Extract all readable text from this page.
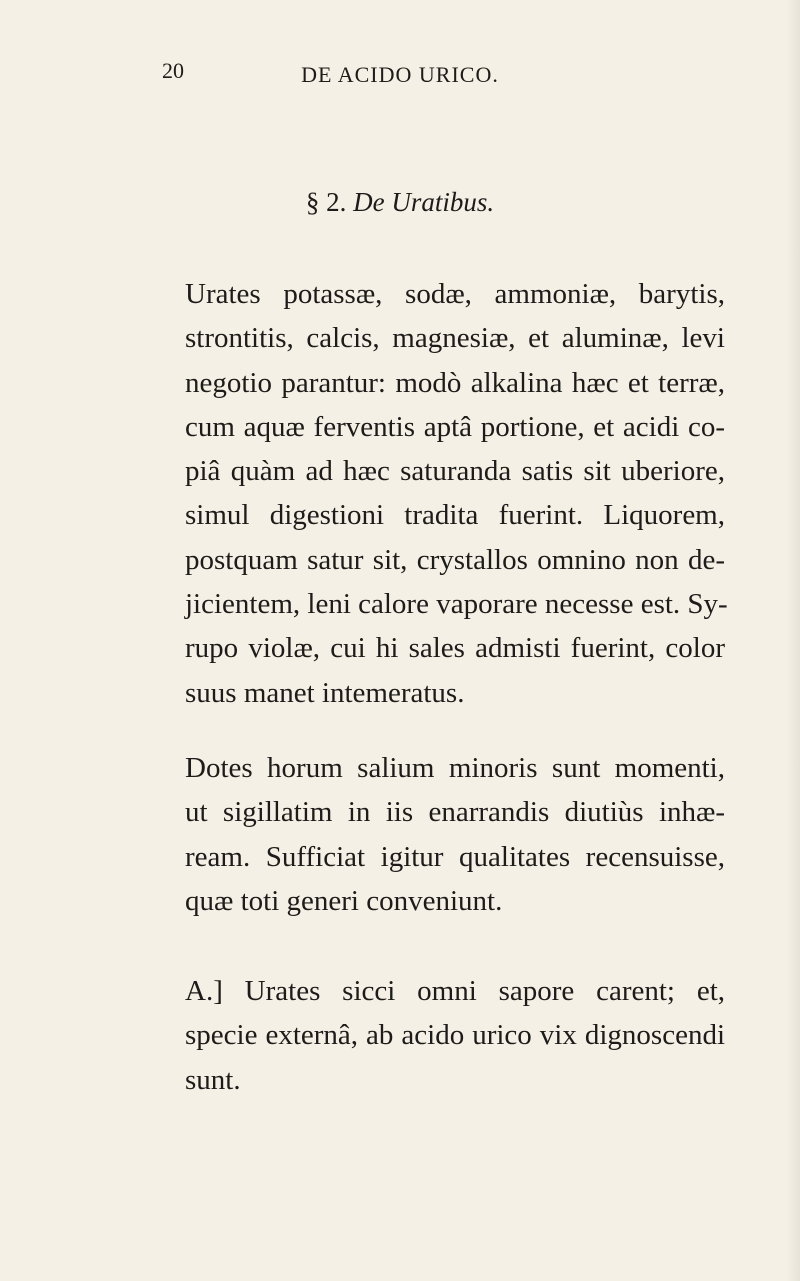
20	DE ACIDO URICO.
§ 2. De Uratibus.
Urates potassæ, sodæ, ammoniæ, barytis,
strontitis, calcis, magnesiæ, et aluminæ, levi
negotio parantur: modò alkalina hæc et terræ,
cum aquæ ferventis aptâ portione, et acidi co-
piâ quàm ad hæc saturanda satis sit uberiore,
simul digestioni tradita fuerint. Liquorem,
postquam satur sit, crystallos omnino non de-
jicientem, leni calore vaporare necesse est. Sy-
rupo violæ, cui hi sales admisti fuerint, color
suus manet intemeratus.
Dotes horum salium minoris sunt momenti,
ut sigillatim in iis enarrandis diutiùs inhæ-
ream. Sufficiat igitur qualitates recensuisse,
quæ toti generi conveniunt.
A.] Urates sicci omni sapore carent; et,
specie externâ, ab acido urico vix dignoscendi
sunt.
